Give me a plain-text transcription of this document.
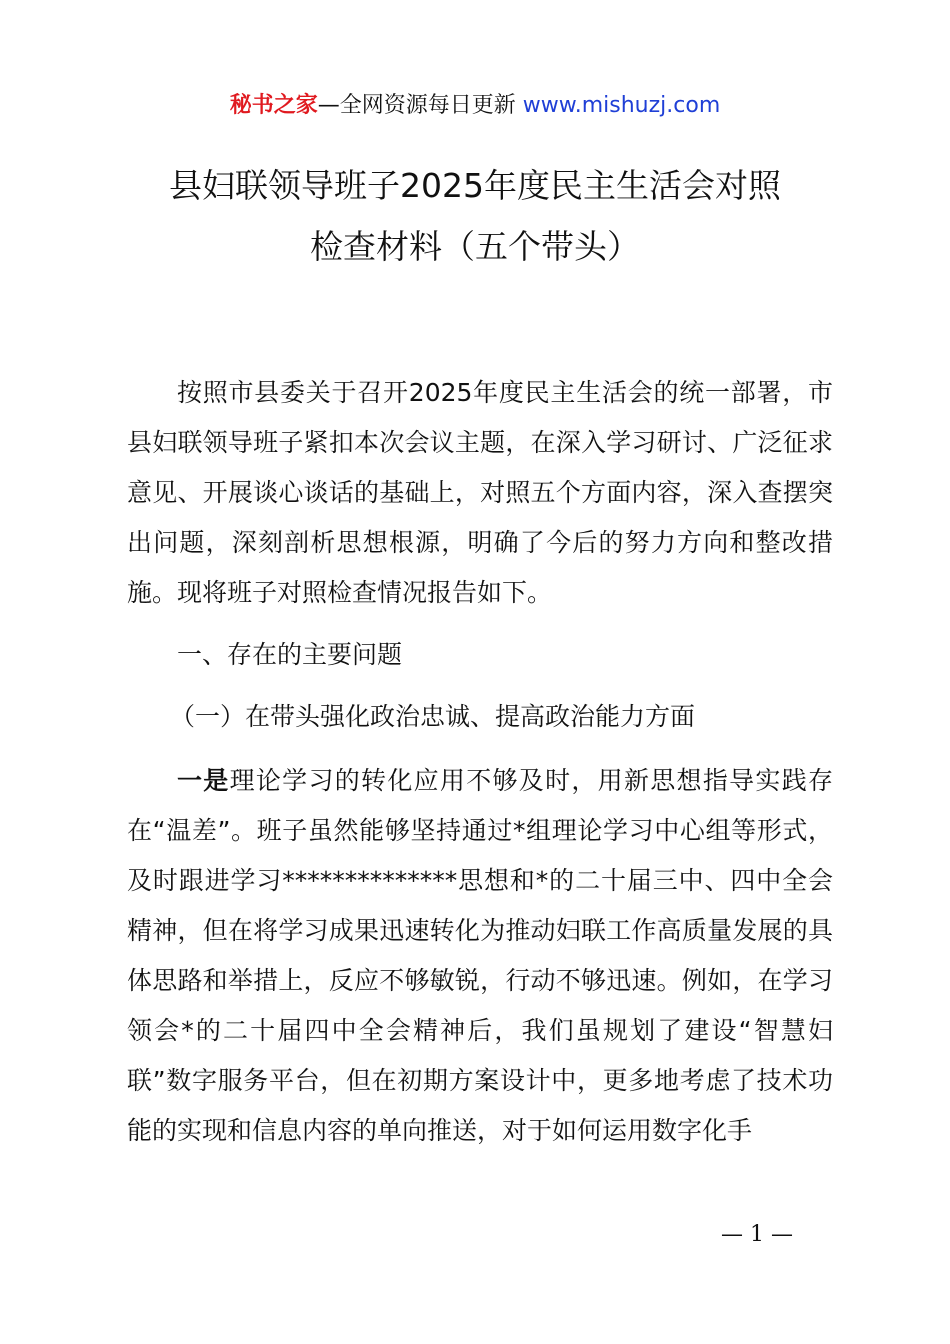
秘书之家—全网资源每日更新 www.mishuzj.com
县妇联领导班子2025年度民主生活会对照
检查材料（五个带头）

按照市县委关于召开2025年度民主生活会的统一部署，市县妇联领导班子紧扣本次会议主题，在深入学习研讨、广泛征求意见、开展谈心谈话的基础上，对照五个方面内容，深入查摆突出问题，深刻剖析思想根源，明确了今后的努力方向和整改措施。现将班子对照检查情况报告如下。

一、存在的主要问题

（一）在带头强化政治忠诚、提高政治能力方面

一是理论学习的转化应用不够及时，用新思想指导实践存在“温差”。班子虽然能够坚持通过*组理论学习中心组等形式，及时跟进学习**************思想和*的二十届三中、四中全会精神，但在将学习成果迅速转化为推动妇联工作高质量发展的具体思路和举措上，反应不够敏锐，行动不够迅速。例如，在学习领会*的二十届四中全会精神后，我们虽规划了建设“智慧妇联”数字服务平台，但在初期方案设计中，更多地考虑了技术功能的实现和信息内容的单向推送，对于如何运用数字化手

— 1 —
